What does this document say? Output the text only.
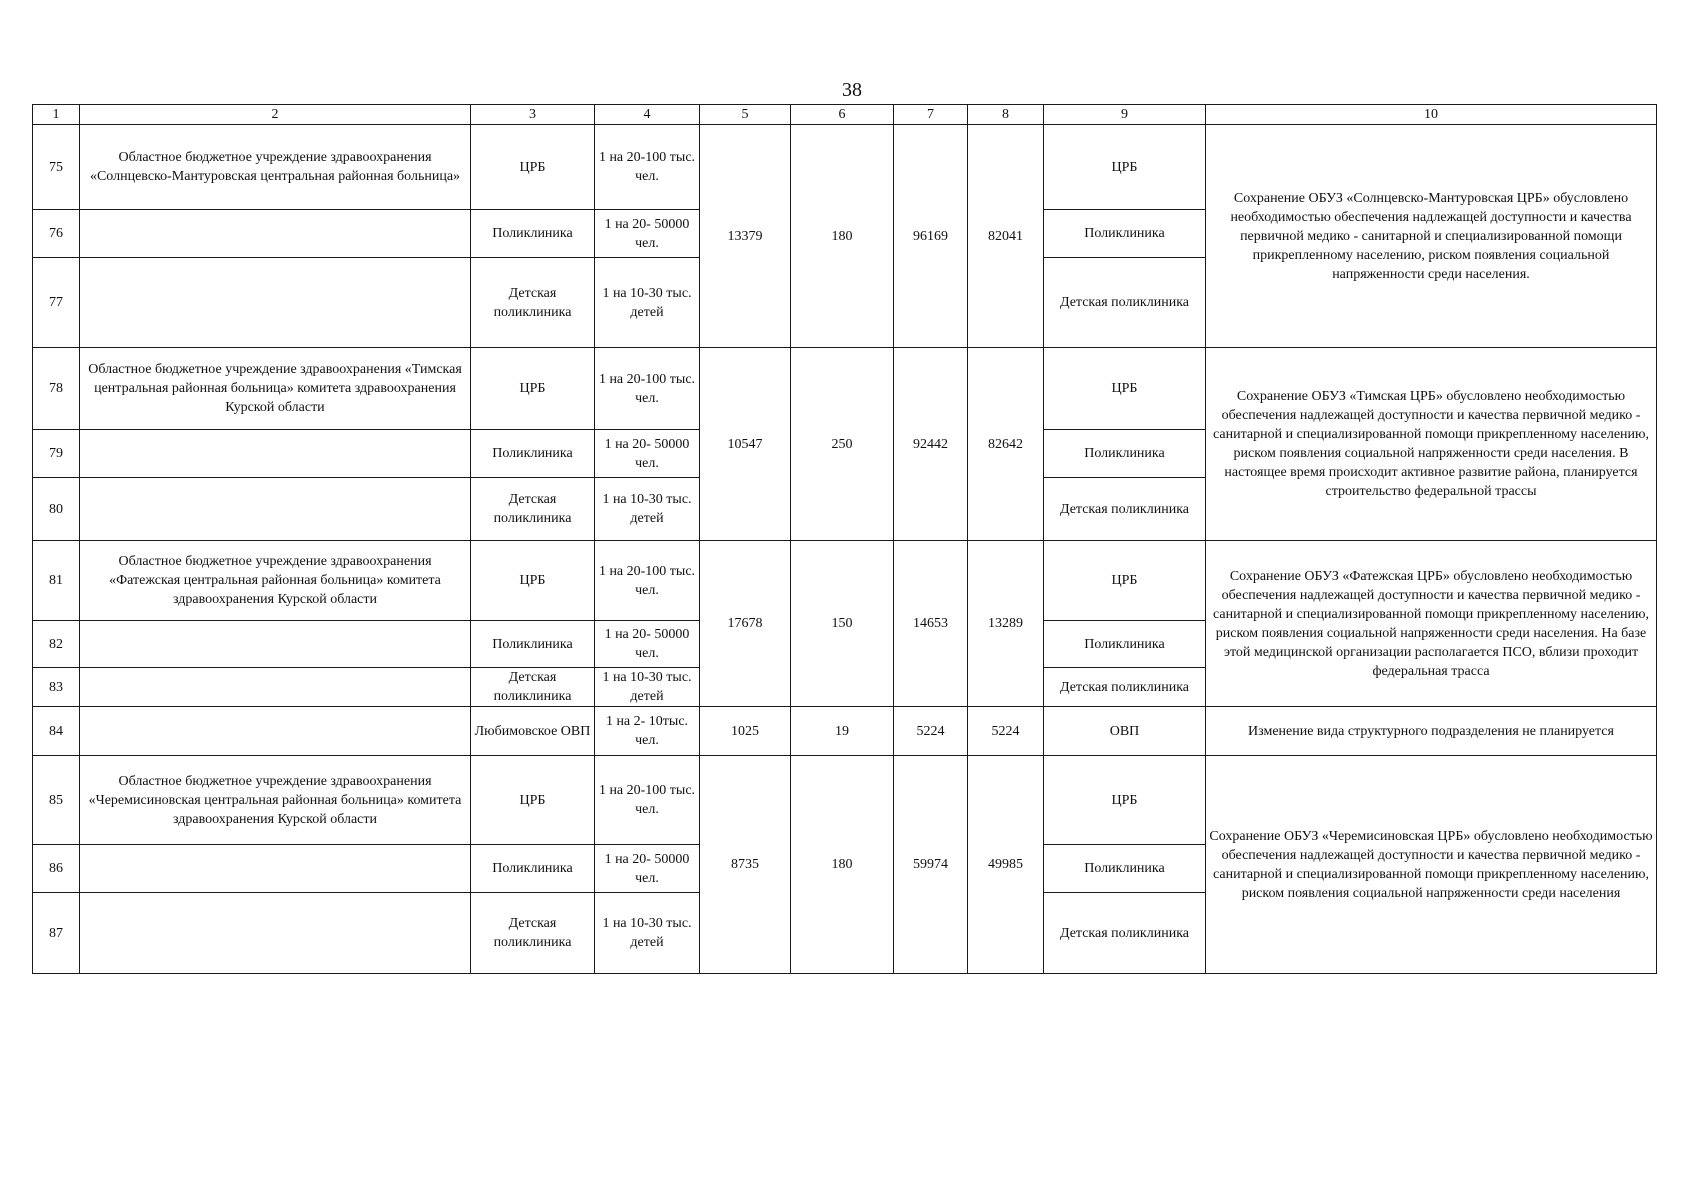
38
1	2	3	4	5	6	7	8	9	10
75	Областное бюджетное учреждение здравоохранения «Солнцевско-Мантуровская центральная районная больница»	ЦРБ	1 на 20-100 тыс. чел.	13379	180	96169	82041	ЦРБ	Сохранение ОБУЗ «Солнцевско-Мантуровская ЦРБ» обусловлено необходимостью обеспечения надлежащей доступности и качества первичной медико - санитарной и специализированной помощи прикрепленному населению, риском появления социальной напряженности среди населения.
76		Поликлиника	1 на 20- 50000 чел.					Поликлиника	
77		Детская поликлиника	1 на 10-30 тыс. детей					Детская поликлиника	
78	Областное бюджетное учреждение здравоохранения «Тимская центральная районная больница» комитета здравоохранения Курской области	ЦРБ	1 на 20-100 тыс. чел.	10547	250	92442	82642	ЦРБ	Сохранение ОБУЗ «Тимская ЦРБ» обусловлено необходимостью обеспечения надлежащей доступности и качества первичной медико - санитарной и специализированной помощи прикрепленному населению, риском появления социальной напряженности среди населения. В настоящее время происходит активное развитие района, планируется строительство федеральной трассы
79		Поликлиника	1 на 20- 50000 чел.					Поликлиника	
80		Детская поликлиника	1 на 10-30 тыс. детей					Детская поликлиника	
81	Областное бюджетное учреждение здравоохранения «Фатежская центральная районная больница» комитета здравоохранения Курской области	ЦРБ	1 на 20-100 тыс. чел.	17678	150	14653	13289	ЦРБ	Сохранение ОБУЗ «Фатежская ЦРБ» обусловлено необходимостью обеспечения надлежащей доступности и качества первичной медико - санитарной и специализированной помощи прикрепленному населению, риском появления социальной напряженности среди населения. На базе этой медицинской организации располагается ПСО, вблизи проходит федеральная трасса
82		Поликлиника	1 на 20- 50000 чел.					Поликлиника	
83		Детская поликлиника	1 на 10-30 тыс. детей					Детская поликлиника	
84		Любимовское ОВП	1 на 2- 10тыс. чел.	1025	19	5224	5224	ОВП	Изменение вида структурного подразделения не планируется
85	Областное бюджетное учреждение здравоохранения «Черемисиновская центральная районная больница» комитета здравоохранения Курской области	ЦРБ	1 на 20-100 тыс. чел.	8735	180	59974	49985	ЦРБ	Сохранение ОБУЗ «Черемисиновская ЦРБ» обусловлено необходимостью обеспечения надлежащей доступности и качества первичной медико - санитарной и специализированной помощи прикрепленному населению, риском появления социальной напряженности среди населения
86		Поликлиника	1 на 20- 50000 чел.					Поликлиника	
87		Детская поликлиника	1 на 10-30 тыс. детей					Детская поликлиника	
